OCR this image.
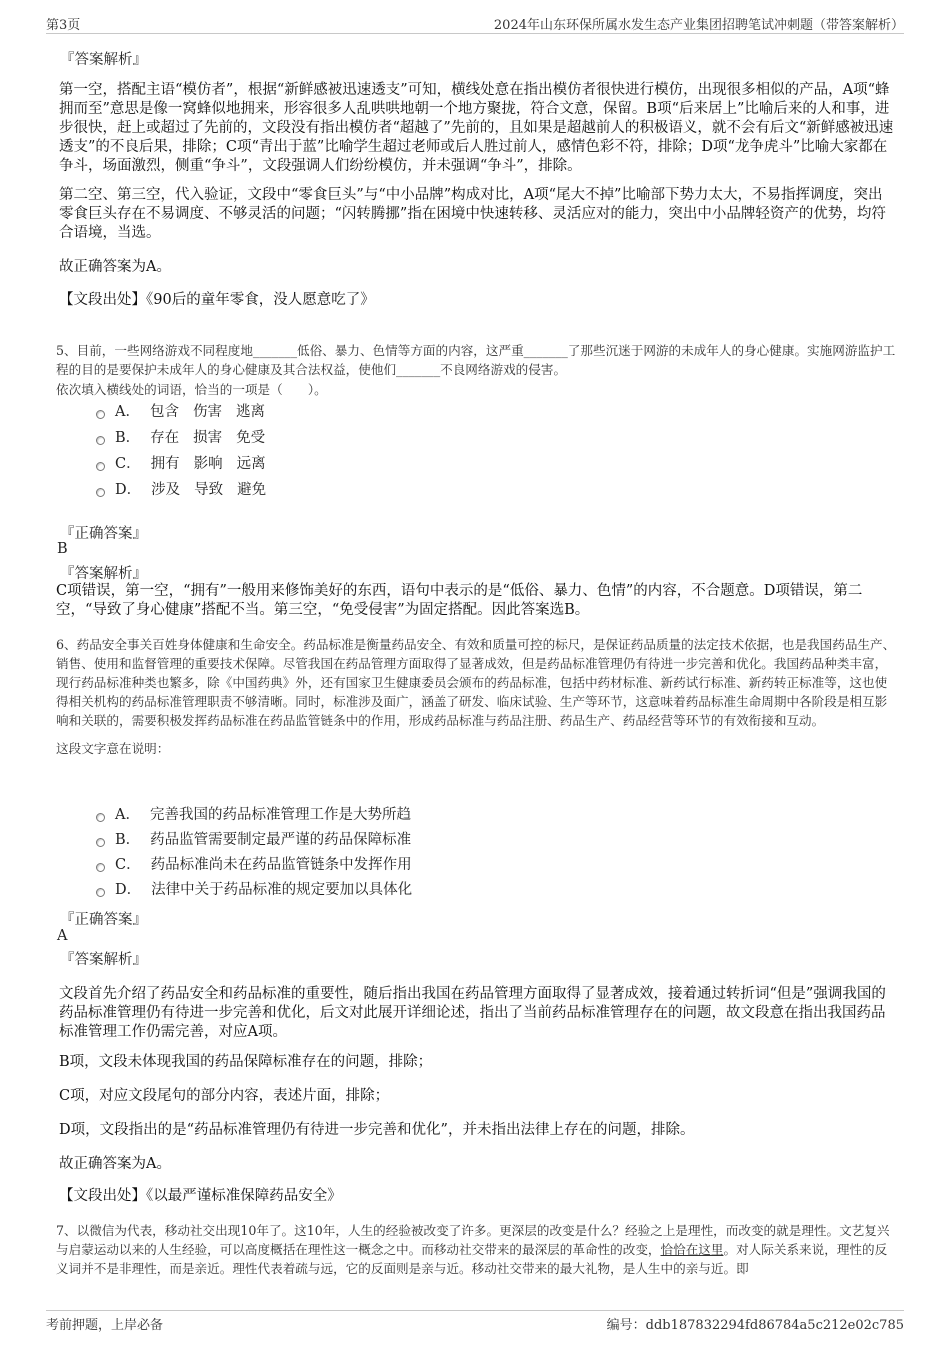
第3页	2024年山东环保所属水发生态产业集团招聘笔试冲刺题（带答案解析）
『答案解析』
第一空，搭配主语“模仿者”，根据“新鲜感被迅速透支”可知，横线处意在指出模仿者很快进行模仿，出现很多相似的产品，A项“蜂拥而至”意思是像一窝蜂似地拥来，形容很多人乱哄哄地朝一个地方聚拢，符合文意，保留。B项“后来居上”比喻后来的人和事，进步很快，赶上或超过了先前的，文段没有指出模仿者“超越了”先前的，且如果是超越前人的积极语义，就不会有后文“新鲜感被迅速透支”的不良后果，排除；C项“青出于蓝”比喻学生超过老师或后人胜过前人，感情色彩不符，排除；D项“龙争虎斗”比喻大家都在争斗，场面激烈，侧重“争斗”，文段强调人们纷纷模仿，并未强调“争斗”，排除。
第二空、第三空，代入验证，文段中“零食巨头”与“中小品牌”构成对比，A项“尾大不掉”比喻部下势力太大，不易指挥调度，突出零食巨头存在不易调度、不够灵活的问题；“闪转腾挪”指在困境中快速转移、灵活应对的能力，突出中小品牌轻资产的优势，均符合语境，当选。
故正确答案为A。
【文段出处】《90后的童年零食，没人愿意吃了》
5、目前，一些网络游戏不同程度地_______低俗、暴力、色情等方面的内容，这严重_______了那些沉迷于网游的未成年人的身心健康。实施网游监护工程的目的是要保护未成年人的身心健康及其合法权益，使他们_______不良网络游戏的侵害。
依次填入横线处的词语，恰当的一项是（　　）。
A． 包含 伤害 逃离
B． 存在 损害 免受
C． 拥有 影响 远离
D． 涉及 导致 避免
『正确答案』
B
『答案解析』
C项错误，第一空，“拥有”一般用来修饰美好的东西，语句中表示的是“低俗、暴力、色情”的内容，不合题意。D项错误，第二空，“导致了身心健康”搭配不当。第三空，“免受侵害”为固定搭配。因此答案选B。
6、药品安全事关百姓身体健康和生命安全。药品标准是衡量药品安全、有效和质量可控的标尺，是保证药品质量的法定技术依据，也是我国药品生产、销售、使用和监督管理的重要技术保障。尽管我国在药品管理方面取得了显著成效，但是药品标准管理仍有待进一步完善和优化。我国药品种类丰富，现行药品标准种类也繁多，除《中国药典》外，还有国家卫生健康委员会颁布的药品标准，包括中药材标准、新药试行标准、新药转正标准等，这也使得相关机构的药品标准管理职责不够清晰。同时，标准涉及面广，涵盖了研发、临床试验、生产等环节，这意味着药品标准生命周期中各阶段是相互影响和关联的，需要积极发挥药品标准在药品监管链条中的作用，形成药品标准与药品注册、药品生产、药品经营等环节的有效衔接和互动。
这段文字意在说明：
A． 完善我国的药品标准管理工作是大势所趋
B． 药品监管需要制定最严谨的药品保障标准
C． 药品标准尚未在药品监管链条中发挥作用
D． 法律中关于药品标准的规定要加以具体化
『正确答案』
A
『答案解析』
文段首先介绍了药品安全和药品标准的重要性，随后指出我国在药品管理方面取得了显著成效，接着通过转折词“但是”强调我国的药品标准管理仍有待进一步完善和优化，后文对此展开详细论述，指出了当前药品标准管理存在的问题，故文段意在指出我国药品标准管理工作仍需完善，对应A项。
B项，文段未体现我国的药品保障标准存在的问题，排除；
C项，对应文段尾句的部分内容，表述片面，排除；
D项，文段指出的是“药品标准管理仍有待进一步完善和优化”，并未指出法律上存在的问题，排除。
故正确答案为A。
【文段出处】《以最严谨标准保障药品安全》
7、以微信为代表，移动社交出现10年了。这10年，人生的经验被改变了许多。更深层的改变是什么？经验之上是理性，而改变的就是理性。文艺复兴与启蒙运动以来的人生经验，可以高度概括在理性这一概念之中。而移动社交带来的最深层的革命性的改变，恰恰在这里。对人际关系来说，理性的反义词并不是非理性，而是亲近。理性代表着疏与远，它的反面则是亲与近。移动社交带来的最大礼物，是人生中的亲与近。即
考前押题，上岸必备	编号：ddb187832294fd86784a5c212e02c785
